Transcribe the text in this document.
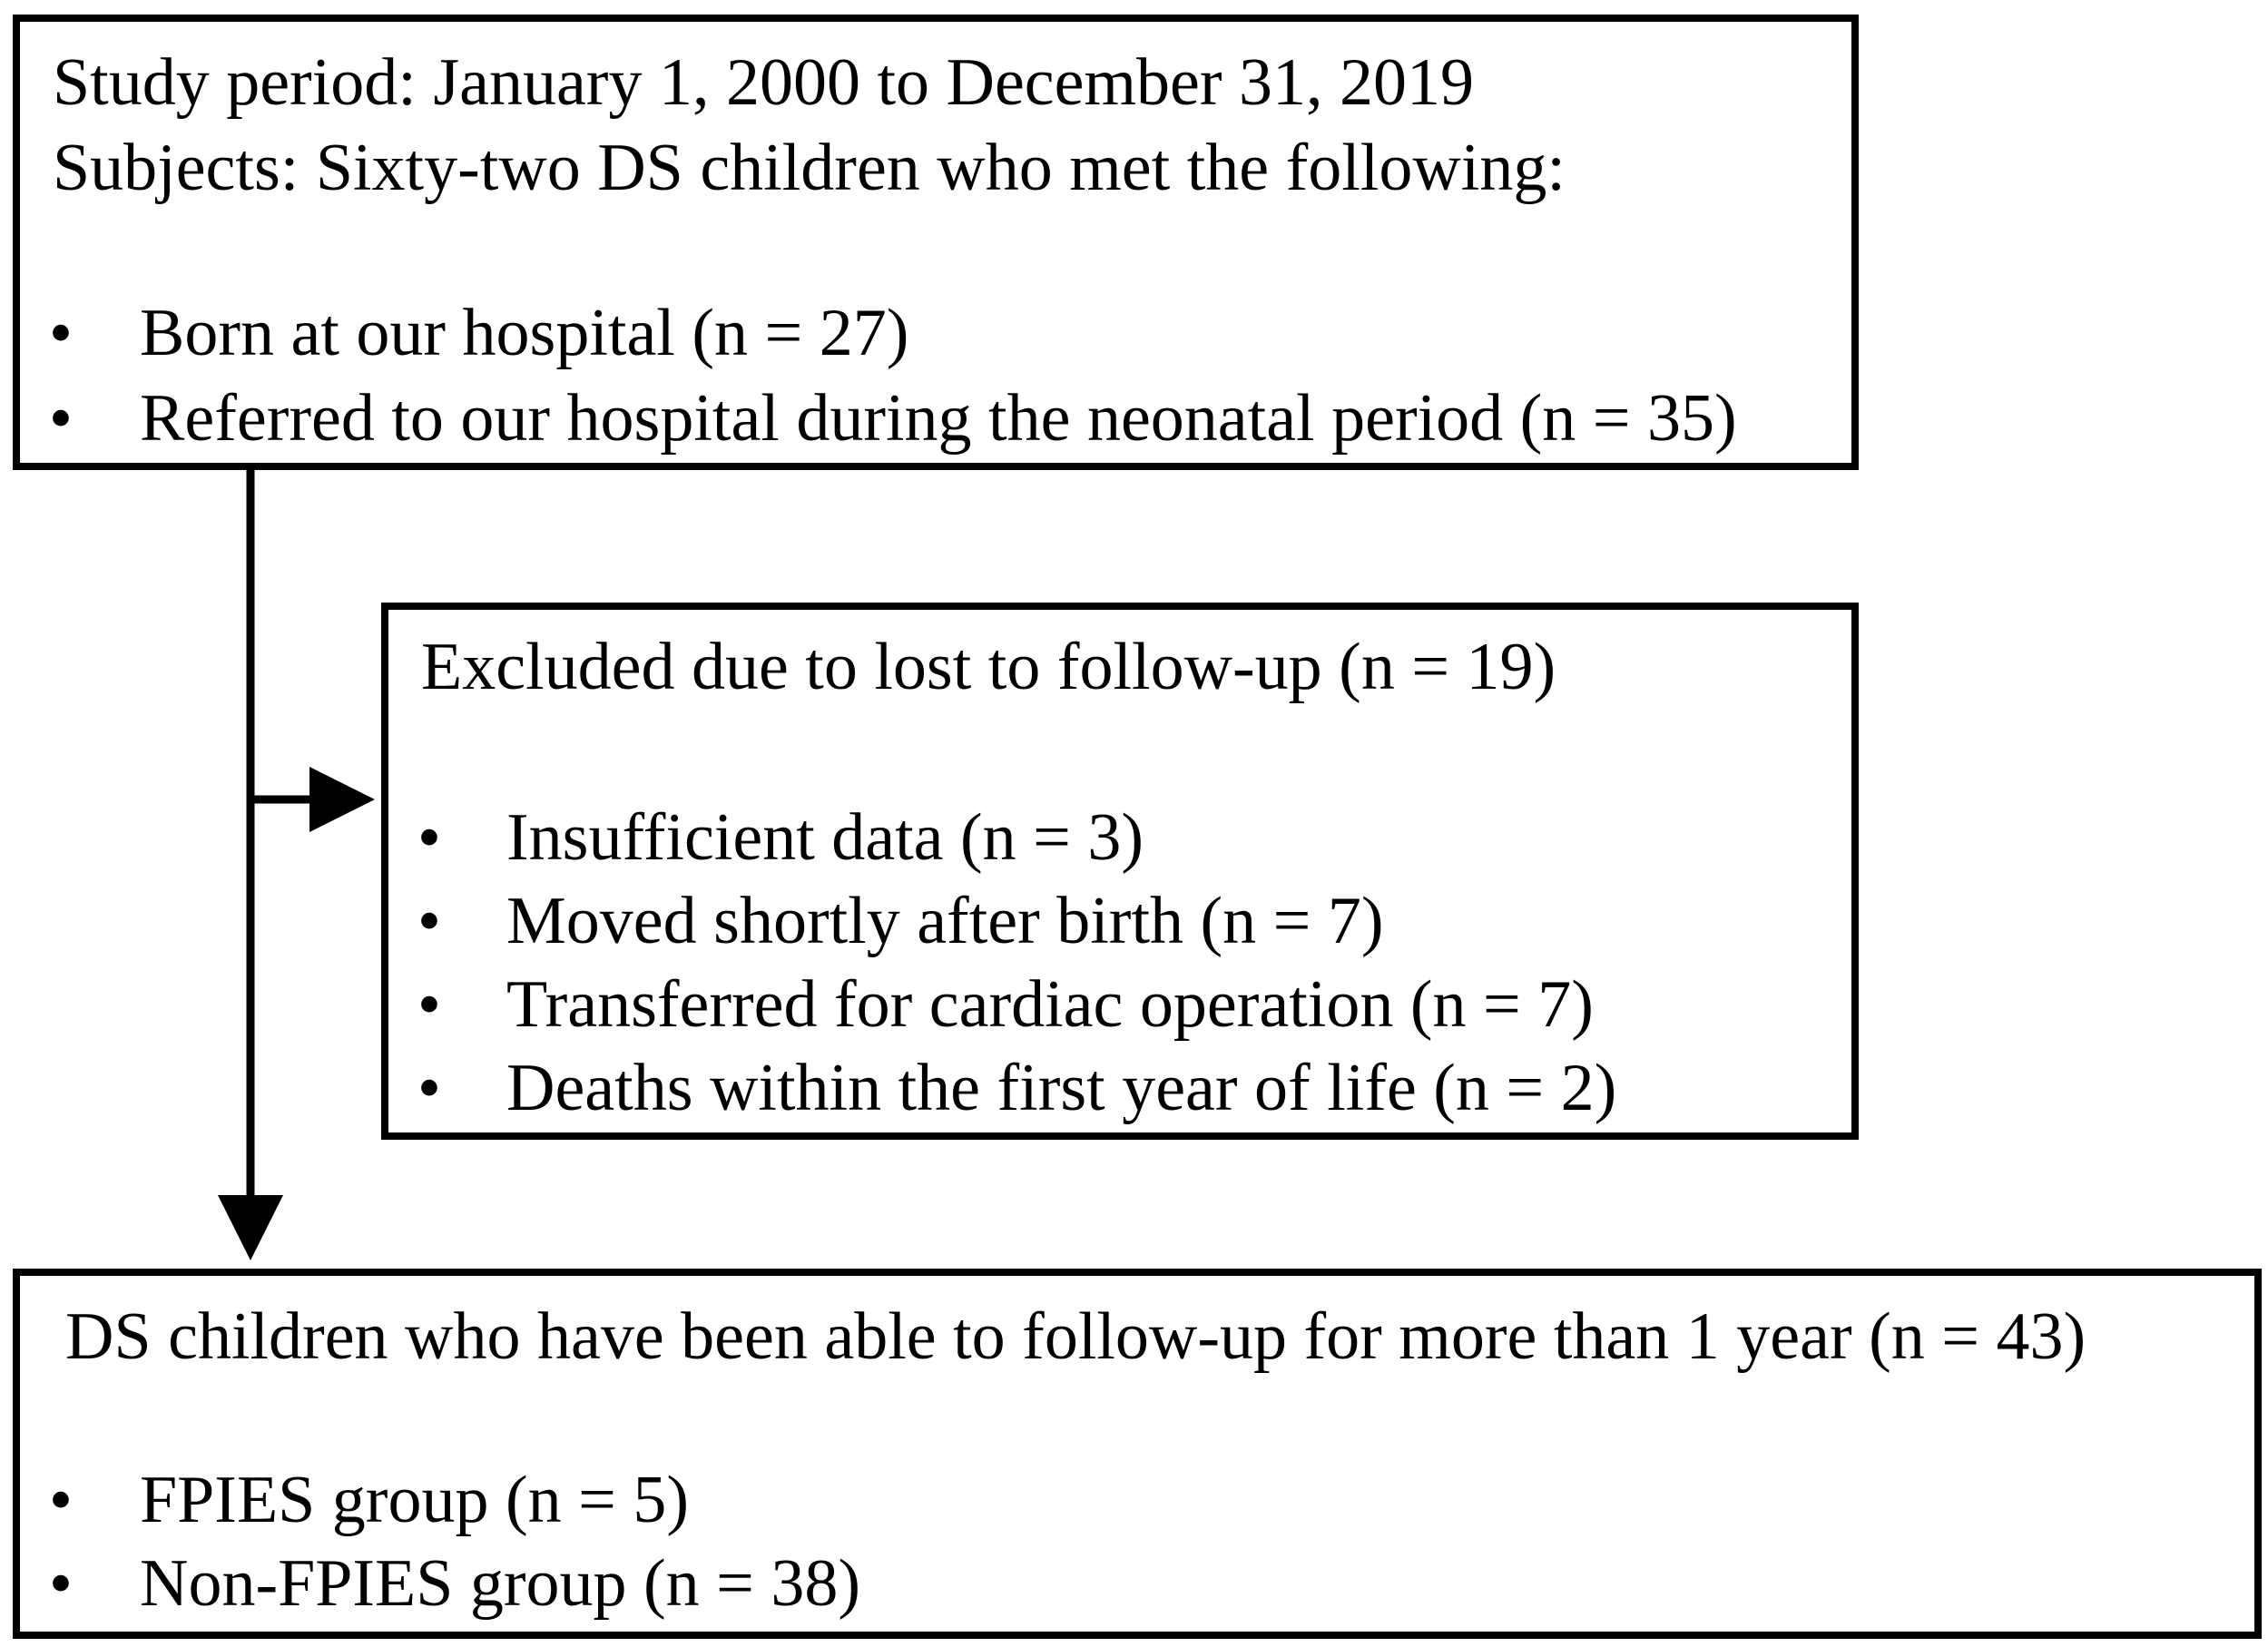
Study period: January 1, 2000 to December 31, 2019
Subjects: Sixty-two DS children who met the following:
• Born at our hospital (n = 27)
• Referred to our hospital during the neonatal period (n = 35)
Excluded due to lost to follow-up (n = 19)
• Insufficient data (n = 3)
• Moved shortly after birth (n = 7)
• Transferred for cardiac operation (n = 7)
• Deaths within the first year of life (n = 2)
DS children who have been able to follow-up for more than 1 year (n = 43)
• FPIES group (n = 5)
• Non-FPIES group (n = 38)
